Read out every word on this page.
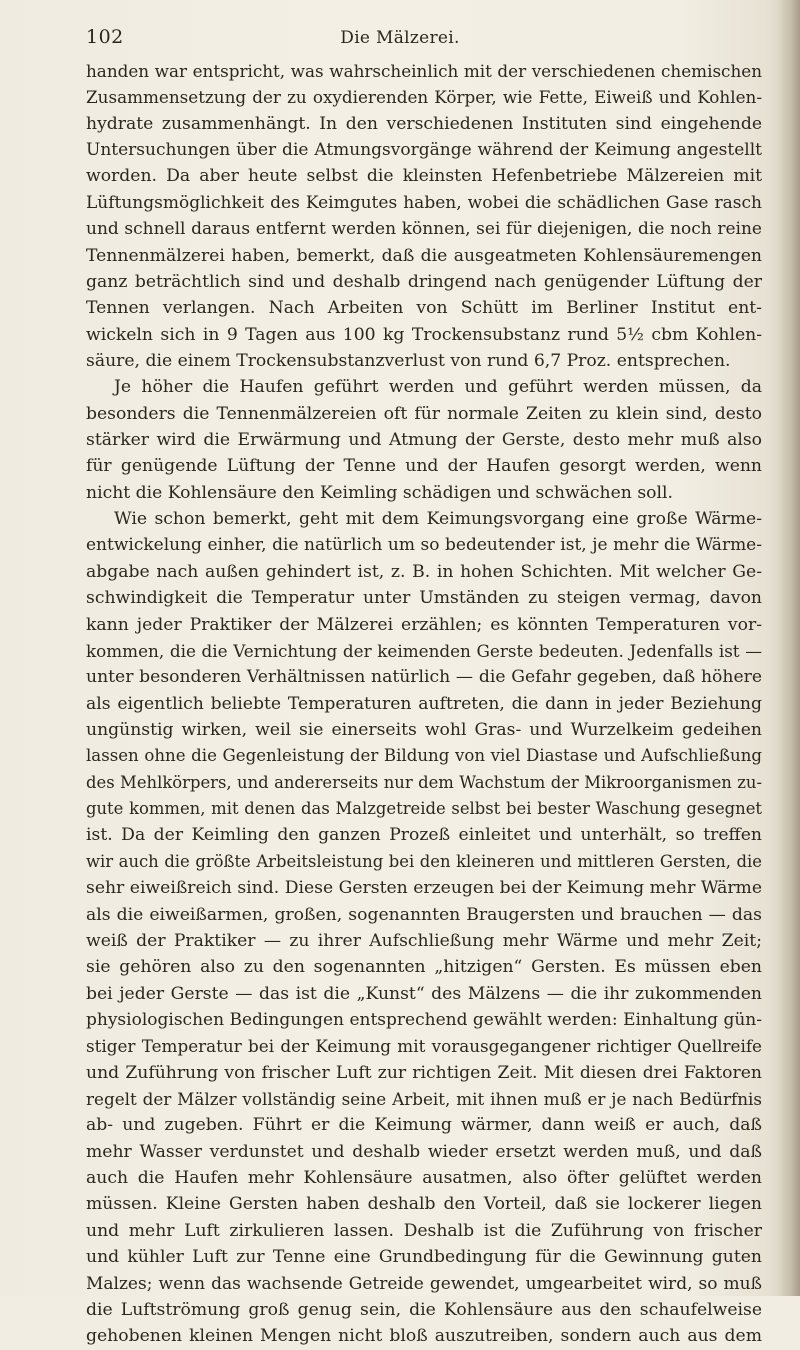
102	Die Mälzerei.
handen war entspricht, was wahrscheinlich mit der verschiedenen chemischen
Zusammensetzung der zu oxydierenden Körper, wie Fette, Eiweiß und Kohlen-
hydrate zusammenhängt. In den verschiedenen Instituten sind eingehende
Untersuchungen über die Atmungsvorgänge während der Keimung angestellt
worden. Da aber heute selbst die kleinsten Hefenbetriebe Mälzereien mit
Lüftungsmöglichkeit des Keimgutes haben, wobei die schädlichen Gase rasch
und schnell daraus entfernt werden können, sei für diejenigen, die noch reine
Tennenmälzerei haben, bemerkt, daß die ausgeatmeten Kohlensäuremengen
ganz beträchtlich sind und deshalb dringend nach genügender Lüftung der
Tennen verlangen. Nach Arbeiten von Schütt im Berliner Institut ent-
wickeln sich in 9 Tagen aus 100 kg Trockensubstanz rund 5½ cbm Kohlen-
säure, die einem Trockensubstanzverlust von rund 6,7 Proz. entsprechen.
Je höher die Haufen geführt werden und geführt werden müssen, da
besonders die Tennenmälzereien oft für normale Zeiten zu klein sind, desto
stärker wird die Erwärmung und Atmung der Gerste, desto mehr muß also
für genügende Lüftung der Tenne und der Haufen gesorgt werden, wenn
nicht die Kohlensäure den Keimling schädigen und schwächen soll.
Wie schon bemerkt, geht mit dem Keimungsvorgang eine große Wärme-
entwickelung einher, die natürlich um so bedeutender ist, je mehr die Wärme-
abgabe nach außen gehindert ist, z. B. in hohen Schichten. Mit welcher Ge-
schwindigkeit die Temperatur unter Umständen zu steigen vermag, davon
kann jeder Praktiker der Mälzerei erzählen; es könnten Temperaturen vor-
kommen, die die Vernichtung der keimenden Gerste bedeuten. Jedenfalls ist —
unter besonderen Verhältnissen natürlich — die Gefahr gegeben, daß höhere
als eigentlich beliebte Temperaturen auftreten, die dann in jeder Beziehung
ungünstig wirken, weil sie einerseits wohl Gras- und Wurzelkeim gedeihen
lassen ohne die Gegenleistung der Bildung von viel Diastase und Aufschließung
des Mehlkörpers, und andererseits nur dem Wachstum der Mikroorganismen zu-
gute kommen, mit denen das Malzgetreide selbst bei bester Waschung gesegnet
ist. Da der Keimling den ganzen Prozeß einleitet und unterhält, so treffen
wir auch die größte Arbeitsleistung bei den kleineren und mittleren Gersten, die
sehr eiweißreich sind. Diese Gersten erzeugen bei der Keimung mehr Wärme
als die eiweißarmen, großen, sogenannten Braugersten und brauchen — das
weiß der Praktiker — zu ihrer Aufschließung mehr Wärme und mehr Zeit;
sie gehören also zu den sogenannten „hitzigen“ Gersten. Es müssen eben
bei jeder Gerste — das ist die „Kunst“ des Mälzens — die ihr zukommenden
physiologischen Bedingungen entsprechend gewählt werden: Einhaltung gün-
stiger Temperatur bei der Keimung mit vorausgegangener richtiger Quellreife
und Zuführung von frischer Luft zur richtigen Zeit. Mit diesen drei Faktoren
regelt der Mälzer vollständig seine Arbeit, mit ihnen muß er je nach Bedürfnis
ab- und zugeben. Führt er die Keimung wärmer, dann weiß er auch, daß
mehr Wasser verdunstet und deshalb wieder ersetzt werden muß, und daß
auch die Haufen mehr Kohlensäure ausatmen, also öfter gelüftet werden
müssen. Kleine Gersten haben deshalb den Vorteil, daß sie lockerer liegen
und mehr Luft zirkulieren lassen. Deshalb ist die Zuführung von frischer
und kühler Luft zur Tenne eine Grundbedingung für die Gewinnung guten
Malzes; wenn das wachsende Getreide gewendet, umgearbeitet wird, so muß
die Luftströmung groß genug sein, die Kohlensäure aus den schaufelweise
gehobenen kleinen Mengen nicht bloß auszutreiben, sondern auch aus dem
